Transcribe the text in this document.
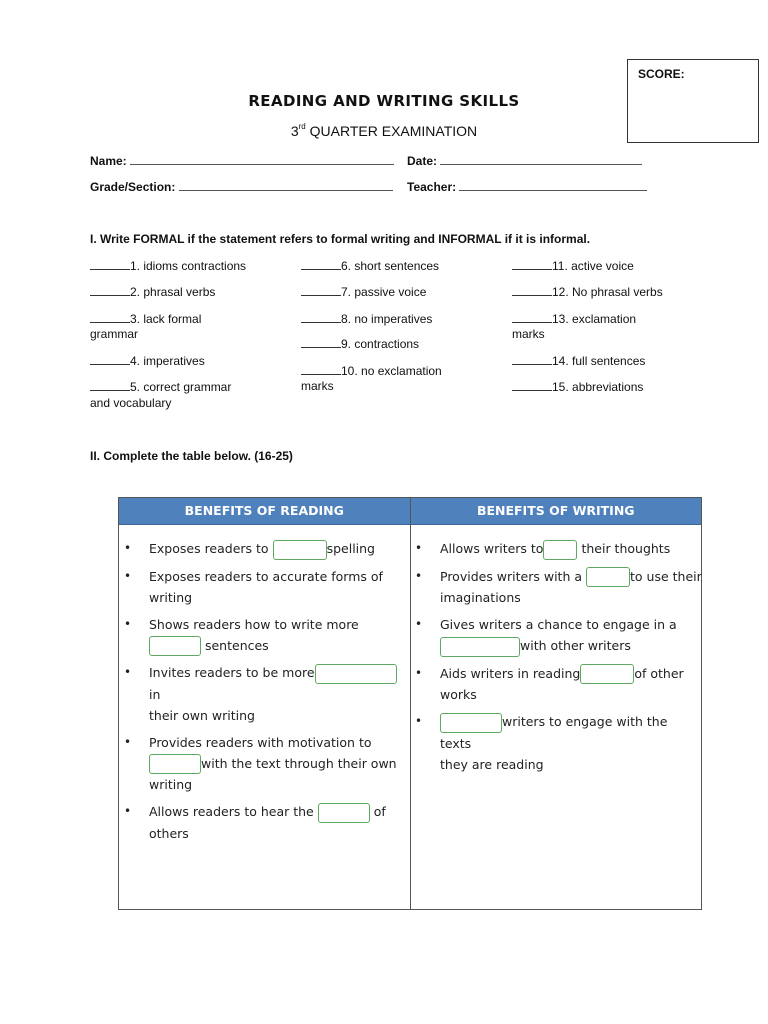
SCORE:
READING AND WRITING SKILLS
3rd QUARTER EXAMINATION
Name:	Date:
Grade/Section:	Teacher:
I. Write FORMAL if the statement refers to formal writing and INFORMAL if it is informal.
1. idioms contractions
2. phrasal verbs
3. lack formal
grammar
4. imperatives
5. correct grammar
and vocabulary
6. short sentences
7. passive voice
8. no imperatives
9. contractions
10. no exclamation
marks
11. active voice
12. No phrasal verbs
13. exclamation
marks
14. full sentences
15. abbreviations
II. Complete the table below. (16-25)
BENEFITS OF READING	BENEFITS OF WRITING
• Exposes readers to	spelling
• Exposes readers to accurate forms of
writing
• Shows readers how to write more
sentences
• Invites readers to be more in
their own writing
• Provides readers with motivation to
with the text through their own
writing
• Allows readers to hear the	of
others
• Allows writers to	their thoughts
• Provides writers with a	to use their
imaginations
• Gives writers a chance to engage in a
with other writers
• Aids writers in reading	of other
works
• writers to engage with the texts
they are reading
